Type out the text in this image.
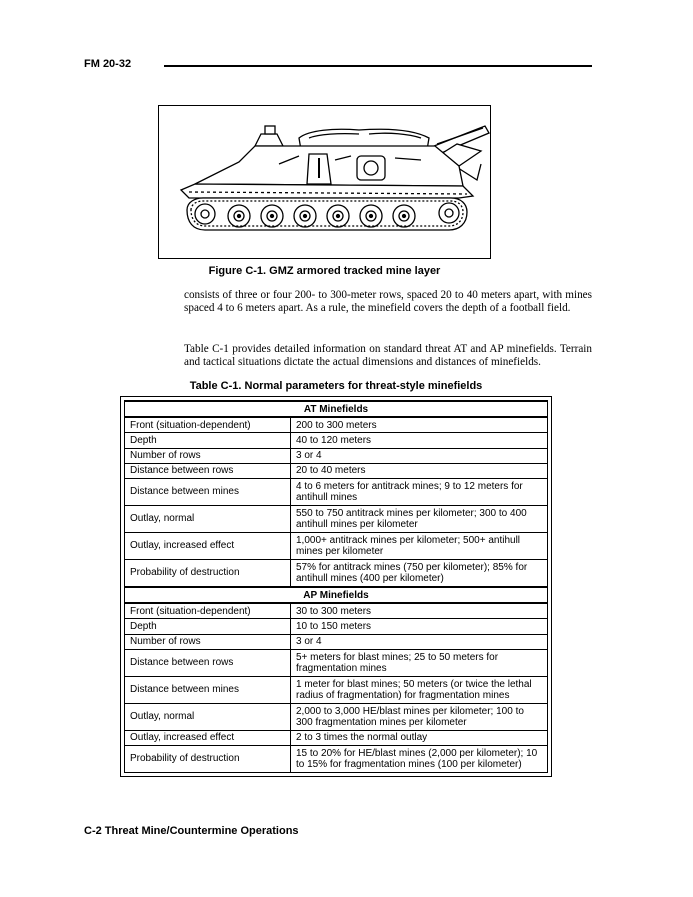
FM 20-32
Figure C-1. GMZ armored tracked mine layer

consists of three or four 200- to 300-meter rows, spaced 20 to 40 meters apart, with mines spaced 4 to 6 meters apart. As a rule, the minefield covers the depth of a football field.

Table C-1 provides detailed information on standard threat AT and AP minefields. Terrain and tactical situations dictate the actual dimensions and distances of minefields.

Table C-1. Normal parameters for threat-style minefields
AT Minefields	
Front (situation-dependent)	200 to 300 meters
Depth	40 to 120 meters
Number of rows	3 or 4
Distance between rows	20 to 40 meters
Distance between mines	4 to 6 meters for antitrack mines; 9 to 12 meters for antihull mines
Outlay, normal	550 to 750 antitrack mines per kilometer; 300 to 400 antihull mines per kilometer
Outlay, increased effect	1,000+ antitrack mines per kilometer; 500+ antihull mines per kilometer
Probability of destruction	57% for antitrack mines (750 per kilometer); 85% for antihull mines (400 per kilometer)
AP Minefields	
Front (situation-dependent)	30 to 300 meters
Depth	10 to 150 meters
Number of rows	3 or 4
Distance between rows	5+ meters for blast mines; 25 to 50 meters for fragmentation mines
Distance between mines	1 meter for blast mines; 50 meters (or twice the lethal radius of fragmentation) for fragmentation mines
Outlay, normal	2,000 to 3,000 HE/blast mines per kilometer; 100 to 300 fragmentation mines per kilometer
Outlay, increased effect	2 to 3 times the normal outlay
Probability of destruction	15 to 20% for HE/blast mines (2,000 per kilometer); 10 to 15% for fragmentation mines (100 per kilometer)
C-2 Threat Mine/Countermine Operations
